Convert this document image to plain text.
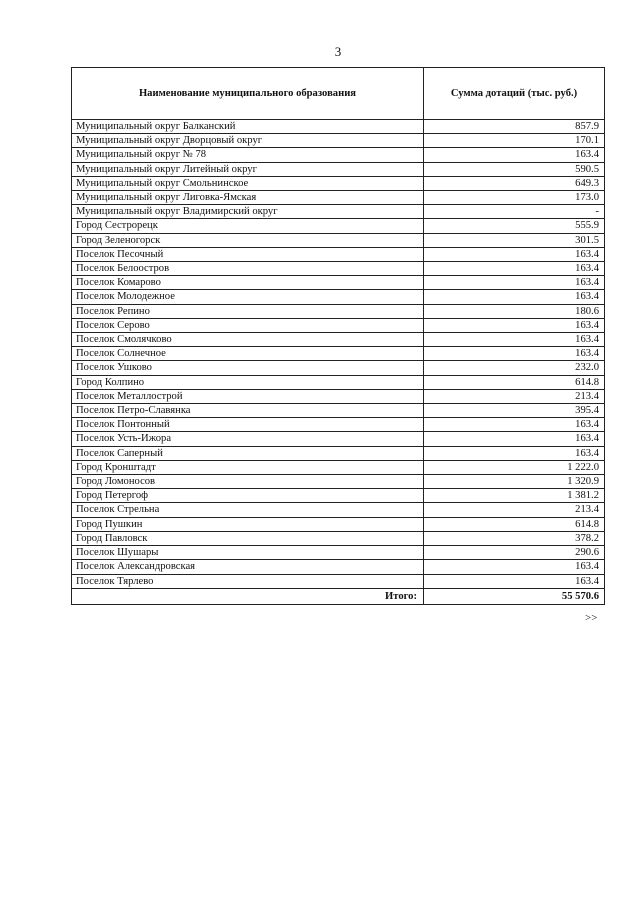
3
Наименование муниципального образования	Сумма дотаций (тыс. руб.)
Муниципальный округ Балканский	857.9
Муниципальный округ Дворцовый округ	170.1
Муниципальный округ № 78	163.4
Муниципальный округ Литейный округ	590.5
Муниципальный округ Смольнинское	649.3
Муниципальный округ Лиговка-Ямская	173.0
Муниципальный округ Владимирский округ	-
Город Сестрорецк	555.9
Город Зеленогорск	301.5
Поселок Песочный	163.4
Поселок Белоостров	163.4
Поселок Комарово	163.4
Поселок Молодежное	163.4
Поселок Репино	180.6
Поселок Серово	163.4
Поселок Смолячково	163.4
Поселок Солнечное	163.4
Поселок Ушково	232.0
Город Колпино	614.8
Поселок Металлострой	213.4
Поселок Петро-Славянка	395.4
Поселок Понтонный	163.4
Поселок Усть-Ижора	163.4
Поселок Саперный	163.4
Город Кронштадт	1 222.0
Город Ломоносов	1 320.9
Город Петергоф	1 381.2
Поселок Стрельна	213.4
Город Пушкин	614.8
Город Павловск	378.2
Поселок Шушары	290.6
Поселок Александровская	163.4
Поселок Тярлево	163.4
Итого:	55 570.6
>>
